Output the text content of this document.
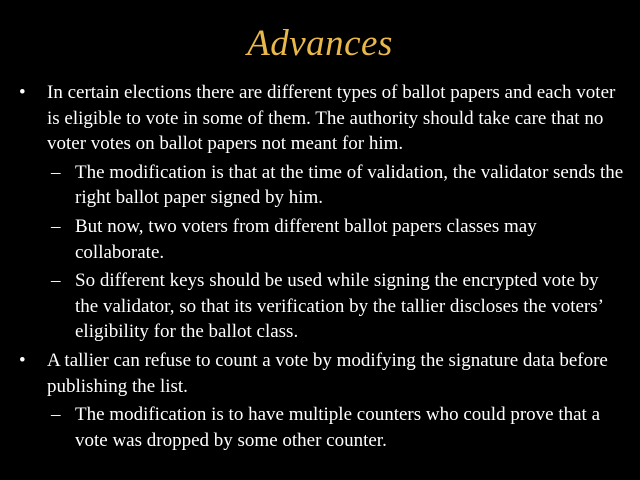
Advances
• In certain elections there are different types of ballot papers and each voter is eligible to vote in some of them. The authority should take care that no voter votes on ballot papers not meant for him.
– The modification is that at the time of validation, the validator sends the right ballot paper signed by him.
– But now, two voters from different ballot papers classes may collaborate.
– So different keys should be used while signing the encrypted vote by the validator, so that its verification by the tallier discloses the voters’ eligibility for the ballot class.
• A tallier can refuse to count a vote by modifying the signature data before publishing the list.
– The modification is to have multiple counters who could prove that a vote was dropped by some other counter.
